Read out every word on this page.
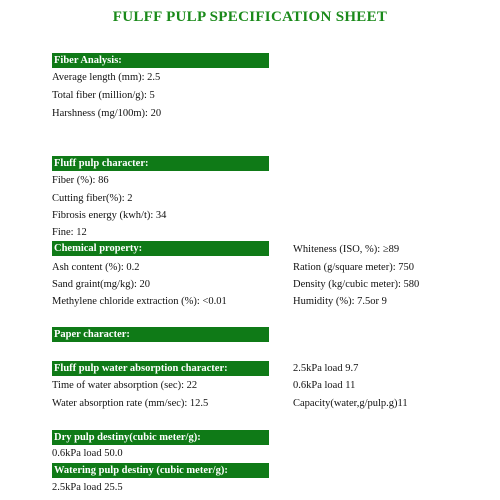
FULFF PULP SPECIFICATION SHEET
Fiber Analysis:
Average length (mm): 2.5
Total fiber (million/g): 5
Harshness (mg/100m): 20
Fluff pulp character:
Fiber (%): 86
Cutting fiber(%): 2
Fibrosis energy (kwh/t): 34
Fine: 12
Chemical property:
Ash content (%): 0.2
Sand graint(mg/kg): 20
Methylene chloride extraction (%): <0.01
Whiteness (ISO, %): ≥89
Ration (g/square meter): 750
Density (kg/cubic meter): 580
Humidity (%): 7.5or 9
Paper character:
Fluff pulp water absorption character:
Time of water absorption (sec): 22
Water absorption rate (mm/sec): 12.5
2.5kPa load 9.7
0.6kPa load 11
Capacity(water,g/pulp.g)11
Dry pulp destiny(cubic meter/g):
0.6kPa load 50.0
Watering pulp destiny (cubic meter/g):
2.5kPa load 25.5
